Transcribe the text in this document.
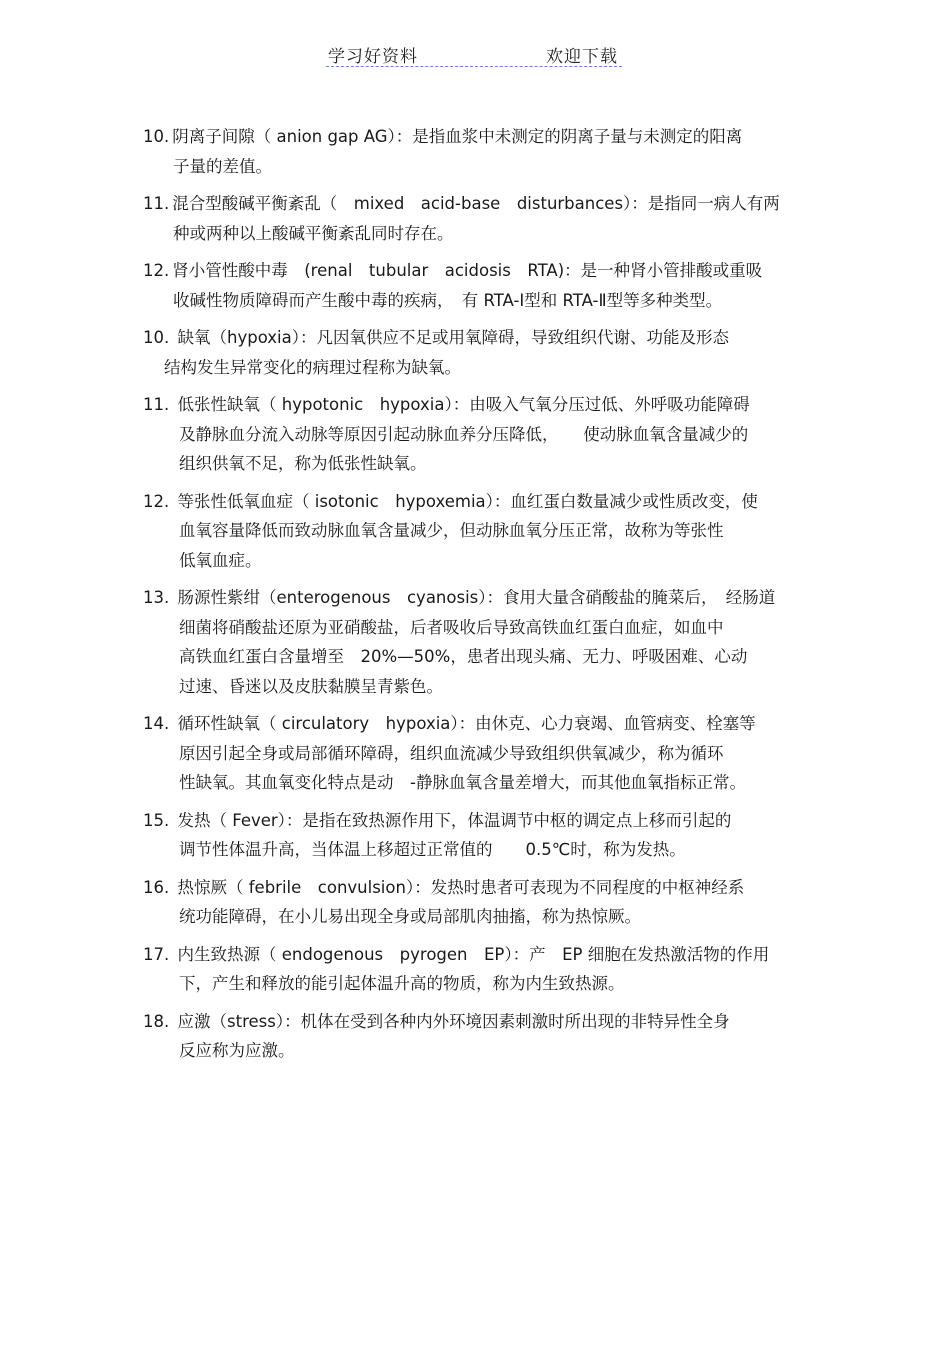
学习好资料	欢迎下载
10. 阴离子间隙（ anion gap AG）：是指血浆中未测定的阴离子量与未测定的阳离
子量的差值。
11. 混合型酸碱平衡紊乱（　mixed　acid-base　disturbances）：是指同一病人有两
种或两种以上酸碱平衡紊乱同时存在。
12. 肾小管性酸中毒　(renal　tubular　acidosis　RTA)：是一种肾小管排酸或重吸
收碱性物质障碍而产生酸中毒的疾病，　有 RTA-Ⅰ型和 RTA-Ⅱ型等多种类型。
10. 缺氧（hypoxia）：凡因氧供应不足或用氧障碍，导致组织代谢、功能及形态
结构发生异常变化的病理过程称为缺氧。
11. 低张性缺氧（ hypotonic　hypoxia）：由吸入气氧分压过低、外呼吸功能障碍
及静脉血分流入动脉等原因引起动脉血养分压降低，　　使动脉血氧含量减少的
组织供氧不足，称为低张性缺氧。
12. 等张性低氧血症（ isotonic　hypoxemia）：血红蛋白数量减少或性质改变，使
血氧容量降低而致动脉血氧含量减少，但动脉血氧分压正常，故称为等张性
低氧血症。
13. 肠源性紫绀（enterogenous　cyanosis）：食用大量含硝酸盐的腌菜后，　经肠道
细菌将硝酸盐还原为亚硝酸盐，后者吸收后导致高铁血红蛋白血症，如血中
高铁血红蛋白含量增至　20%—50%，患者出现头痛、无力、呼吸困难、心动
过速、昏迷以及皮肤黏膜呈青紫色。
14. 循环性缺氧（ circulatory　hypoxia）：由休克、心力衰竭、血管病变、栓塞等
原因引起全身或局部循环障碍，组织血流减少导致组织供氧减少，称为循环
性缺氧。其血氧变化特点是动　-静脉血氧含量差增大，而其他血氧指标正常。
15. 发热（ Fever）：是指在致热源作用下，体温调节中枢的调定点上移而引起的
调节性体温升高，当体温上移超过正常值的　　0.5℃时，称为发热。
16. 热惊厥（ febrile　convulsion）：发热时患者可表现为不同程度的中枢神经系
统功能障碍，在小儿易出现全身或局部肌肉抽搐，称为热惊厥。
17. 内生致热源（ endogenous　pyrogen　EP）：产　EP 细胞在发热激活物的作用
下，产生和释放的能引起体温升高的物质，称为内生致热源。
18. 应激（stress）：机体在受到各种内外环境因素刺激时所出现的非特异性全身
反应称为应激。
